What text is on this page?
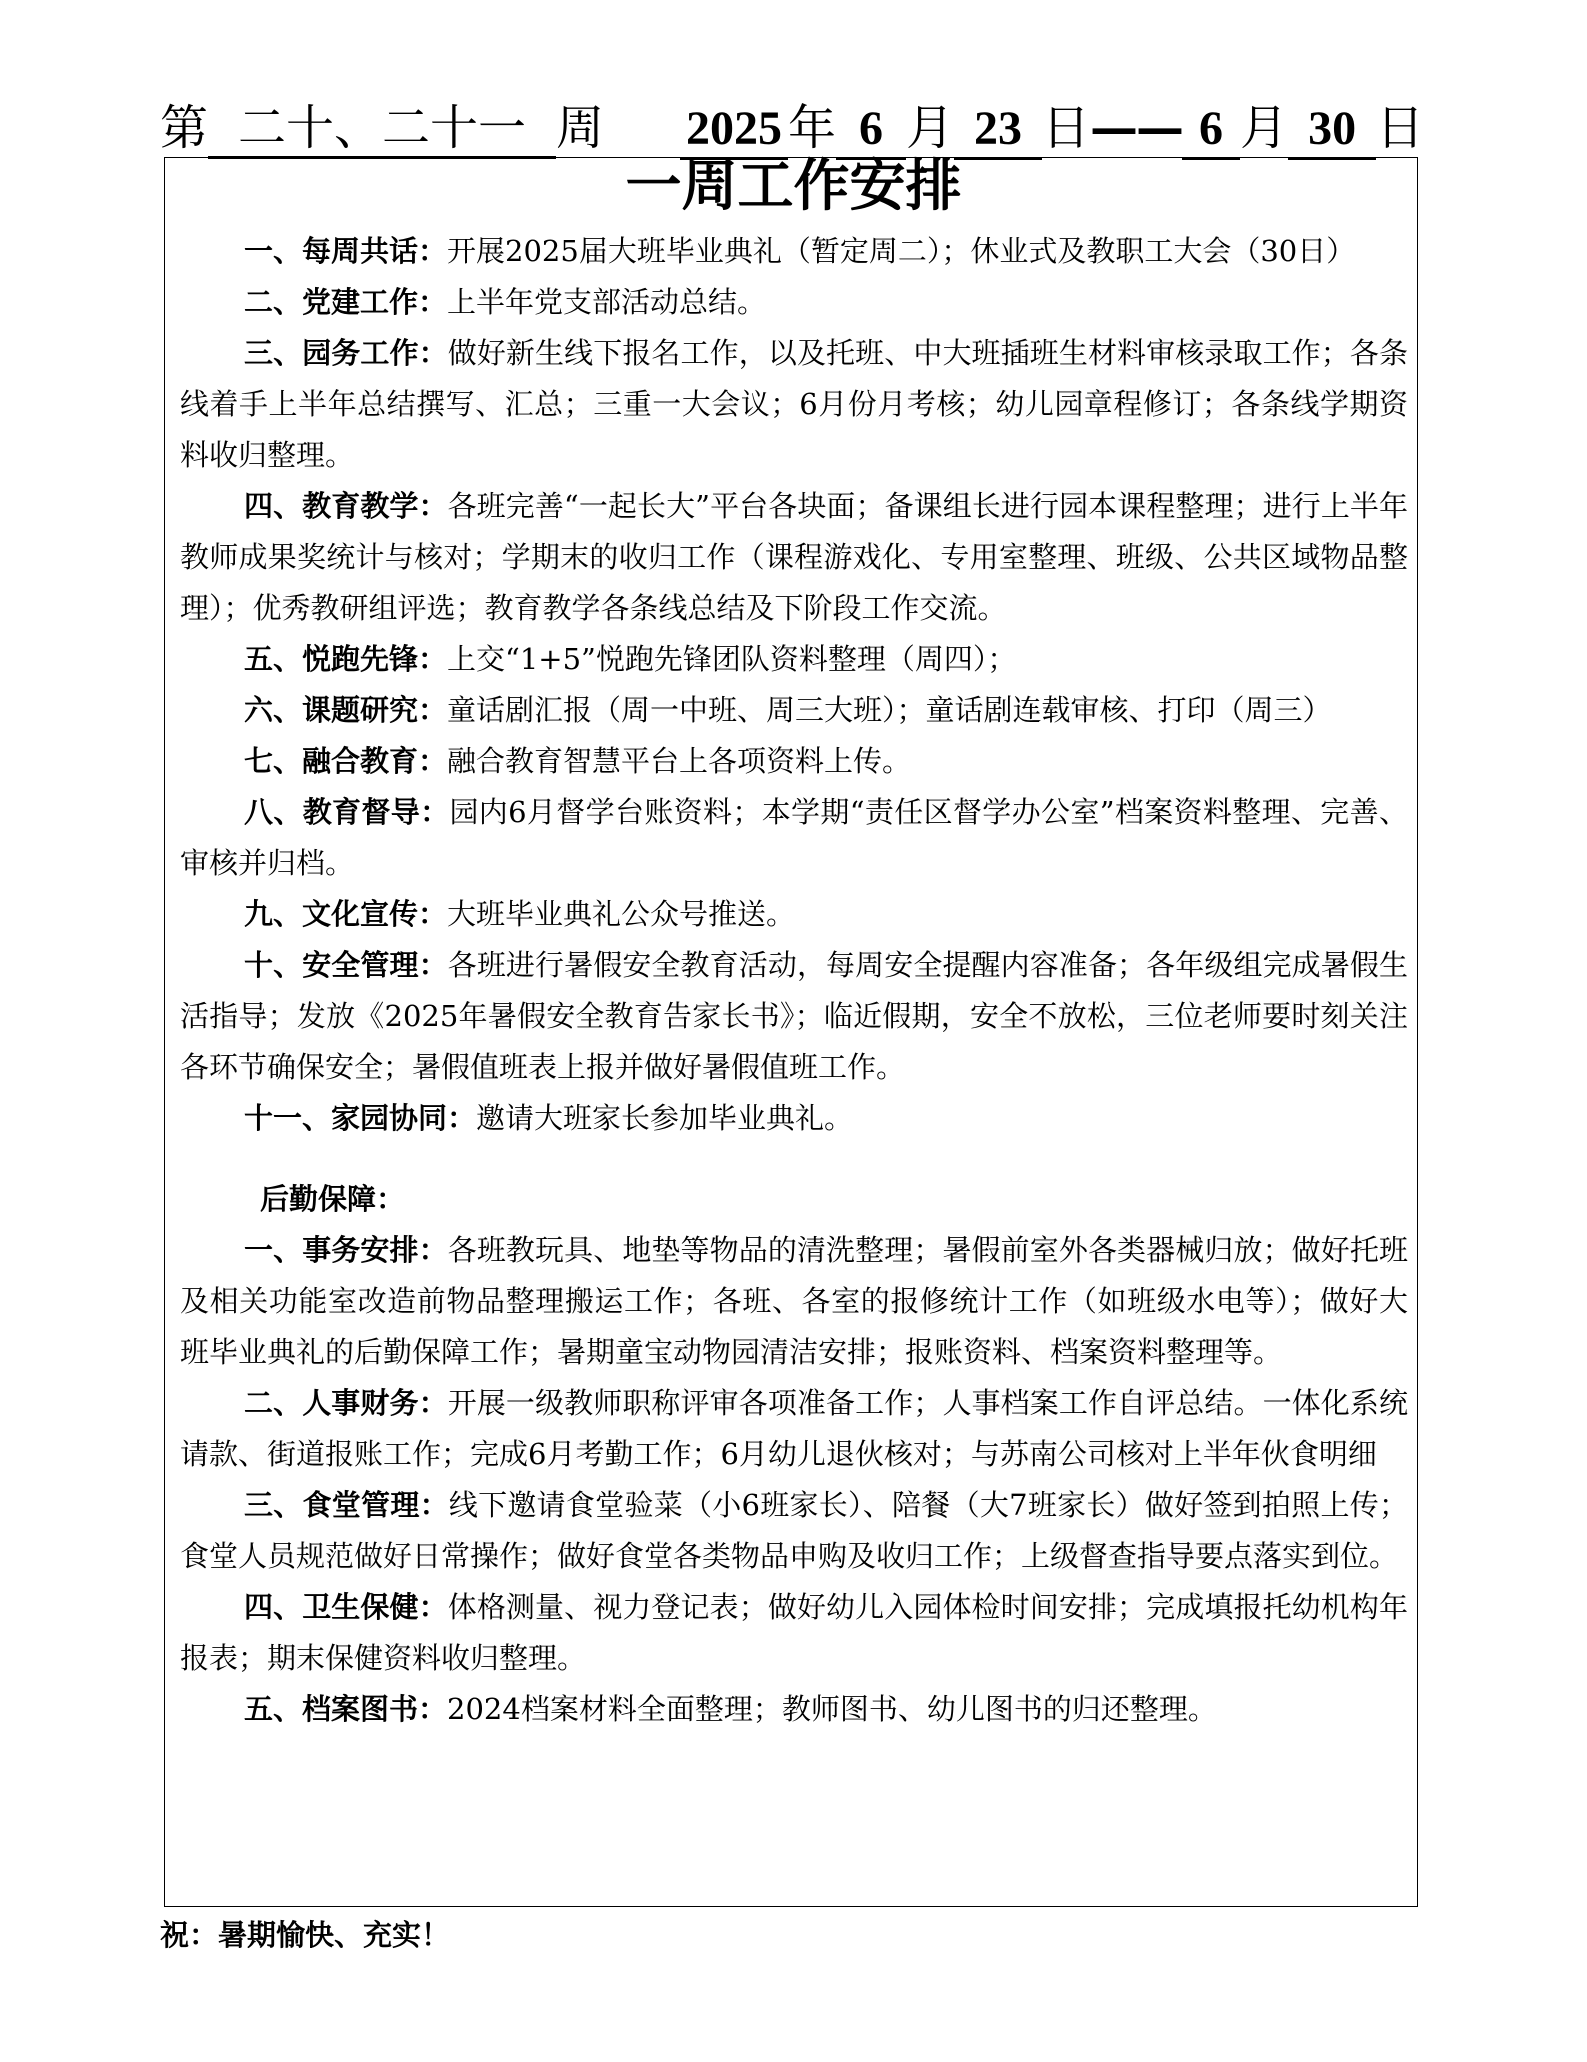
第 二十、二十一 周 2025 年 6 月 23 日—— 6 月 30 日
一周工作安排

一、每周共话：开展2025届大班毕业典礼（暂定周二）；休业式及教职工大会（30日）

二、党建工作：上半年党支部活动总结。

三、园务工作：做好新生线下报名工作，以及托班、中大班插班生材料审核录取工作；各条线着手上半年总结撰写、汇总；三重一大会议；6月份月考核；幼儿园章程修订；各条线学期资料收归整理。

四、教育教学：各班完善“一起长大”平台各块面；备课组长进行园本课程整理；进行上半年教师成果奖统计与核对；学期末的收归工作（课程游戏化、专用室整理、班级、公共区域物品整理）；优秀教研组评选；教育教学各条线总结及下阶段工作交流。

五、悦跑先锋：上交“1+5”悦跑先锋团队资料整理（周四）；

六、课题研究：童话剧汇报（周一中班、周三大班）；童话剧连载审核、打印（周三）

七、融合教育：融合教育智慧平台上各项资料上传。

八、教育督导：园内6月督学台账资料；本学期“责任区督学办公室”档案资料整理、完善、审核并归档。

九、文化宣传：大班毕业典礼公众号推送。

十、安全管理：各班进行暑假安全教育活动，每周安全提醒内容准备；各年级组完成暑假生活指导；发放《2025年暑假安全教育告家长书》；临近假期，安全不放松，三位老师要时刻关注各环节确保安全；暑假值班表上报并做好暑假值班工作。

十一、家园协同：邀请大班家长参加毕业典礼。

后勤保障：

一、事务安排：各班教玩具、地垫等物品的清洗整理；暑假前室外各类器械归放；做好托班及相关功能室改造前物品整理搬运工作；各班、各室的报修统计工作（如班级水电等）；做好大班毕业典礼的后勤保障工作；暑期童宝动物园清洁安排；报账资料、档案资料整理等。

二、人事财务：开展一级教师职称评审各项准备工作；人事档案工作自评总结。一体化系统请款、街道报账工作；完成6月考勤工作；6月幼儿退伙核对；与苏南公司核对上半年伙食明细

三、食堂管理：线下邀请食堂验菜（小6班家长）、陪餐（大7班家长）做好签到拍照上传；食堂人员规范做好日常操作；做好食堂各类物品申购及收归工作；上级督查指导要点落实到位。

四、卫生保健：体格测量、视力登记表；做好幼儿入园体检时间安排；完成填报托幼机构年报表；期末保健资料收归整理。

五、档案图书：2024档案材料全面整理；教师图书、幼儿图书的归还整理。

祝：暑期愉快、充实！
